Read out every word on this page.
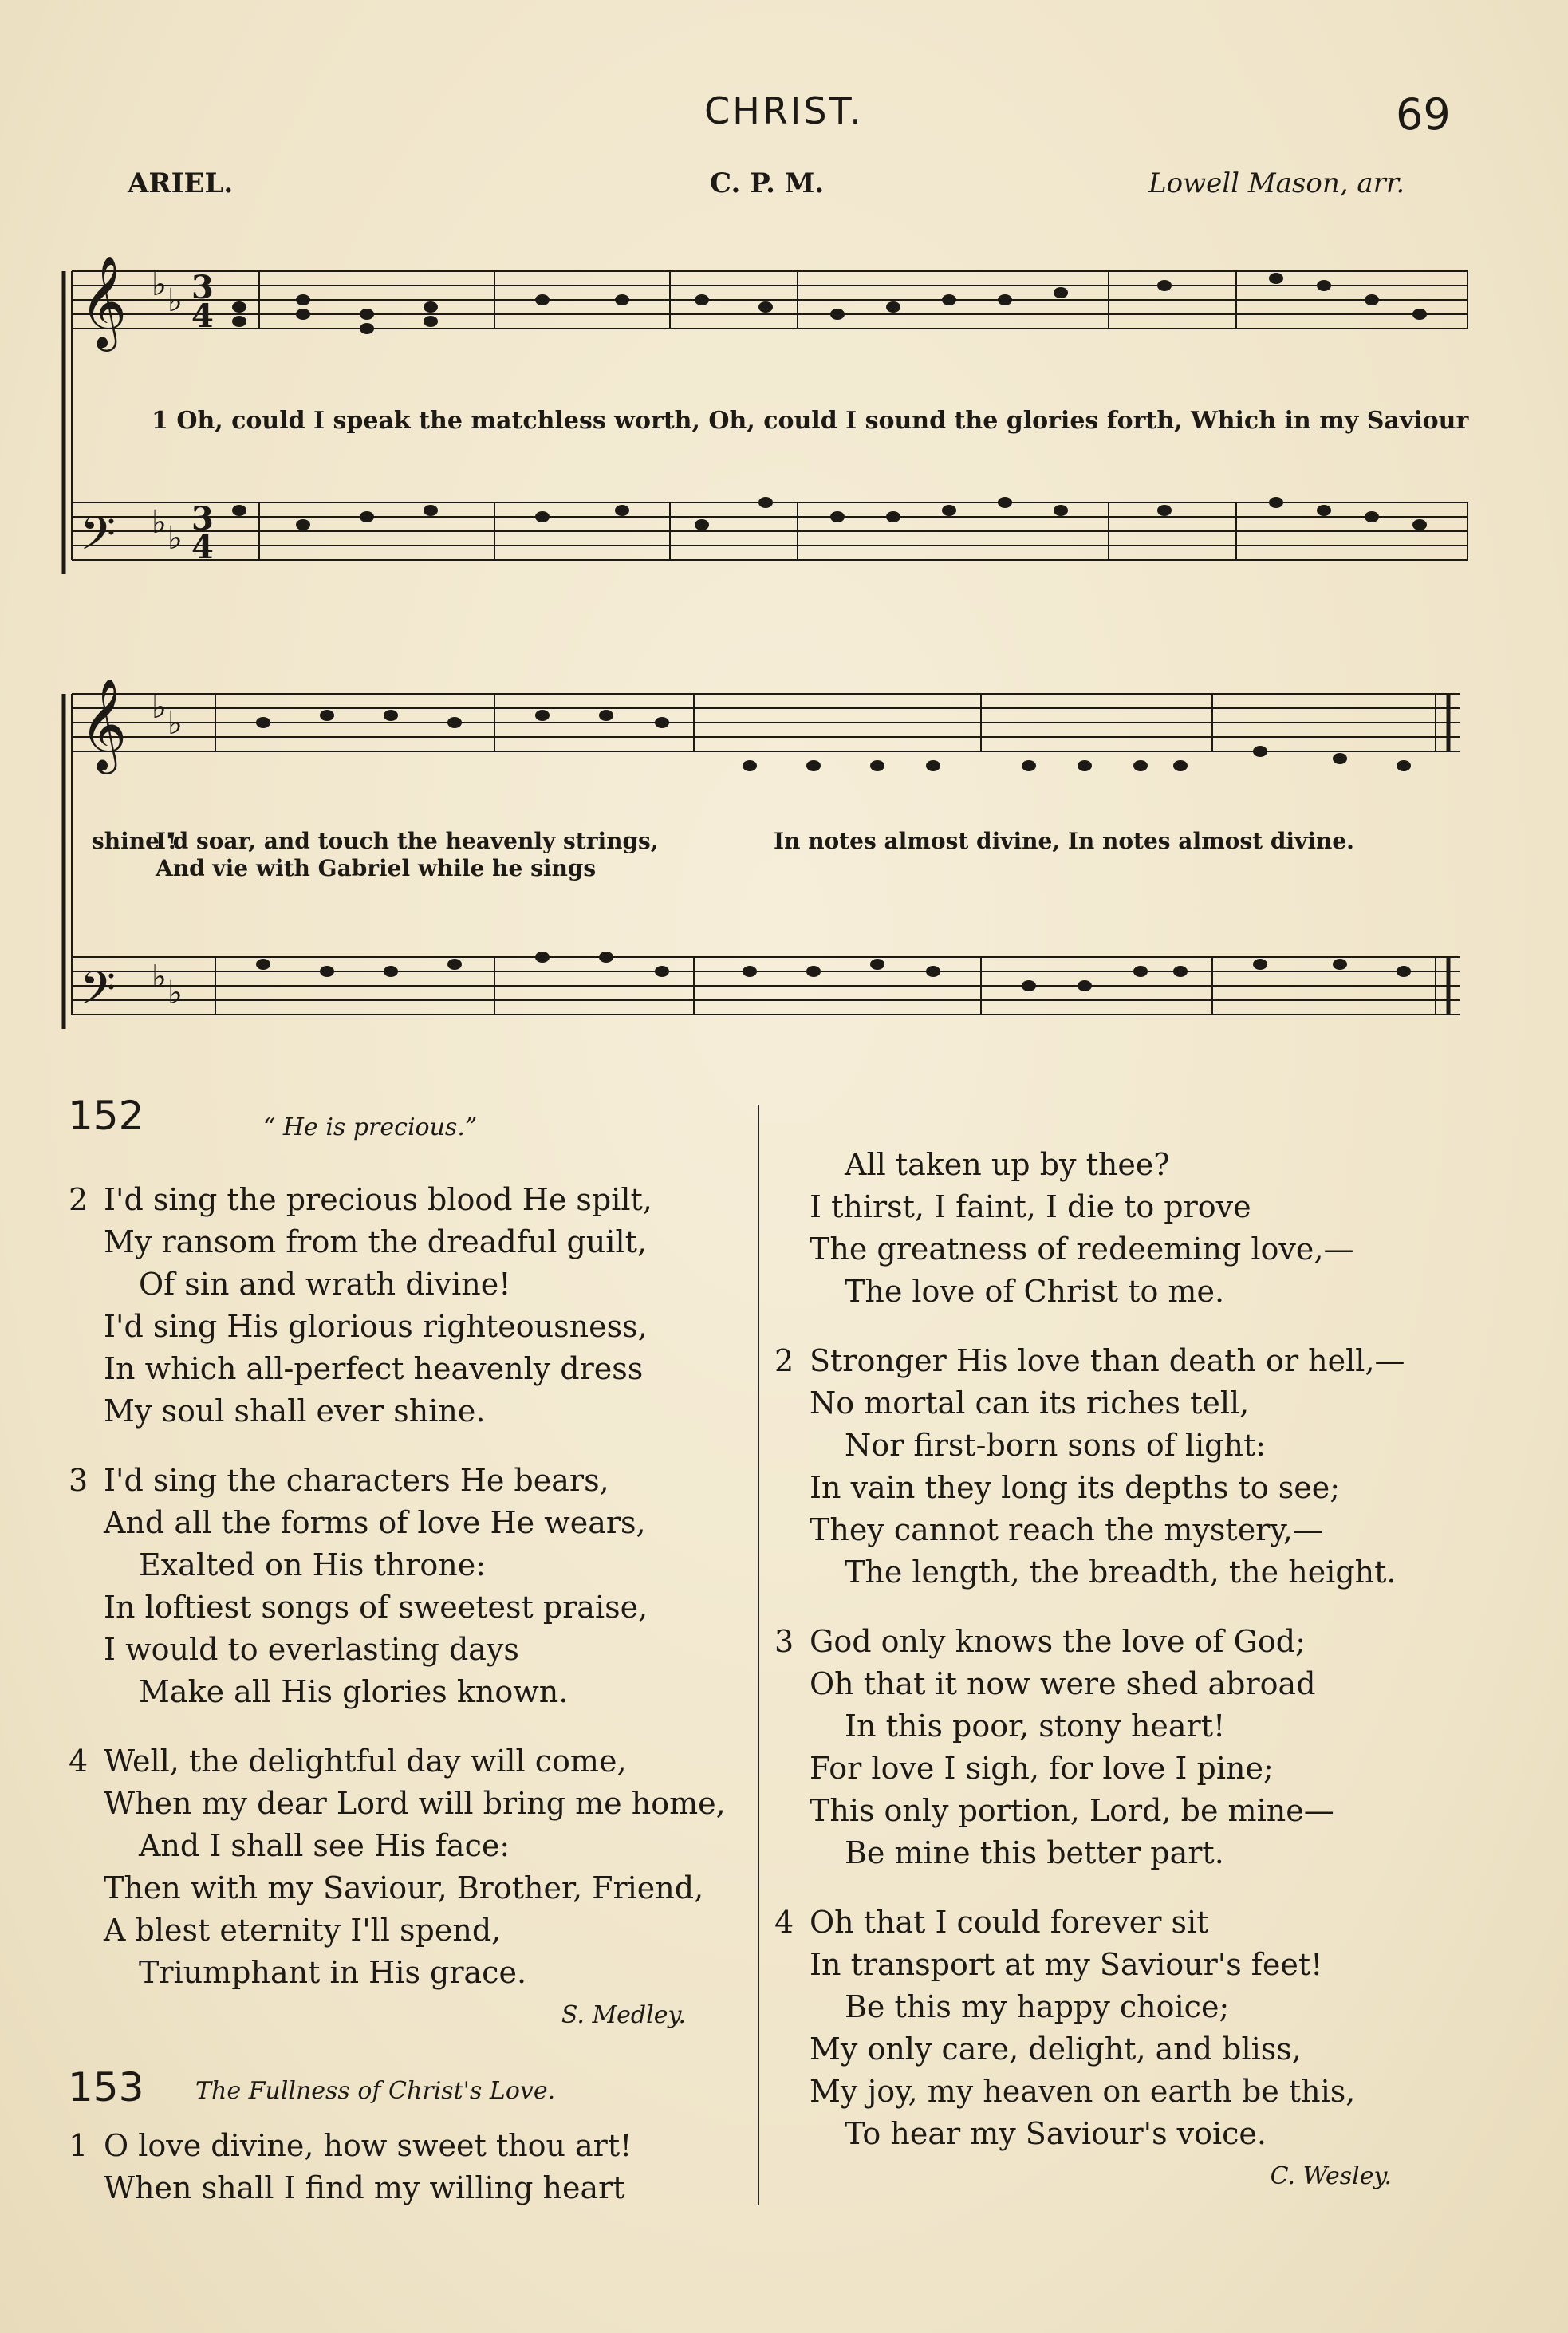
CHRIST.	69
ARIEL.	C. P. M.	Lowell Mason, arr.
𝄞
𝄢
♭ ♭
♭ ♭
3
4
3
4
1 Oh, could I speak the matchless worth, Oh, could I sound the glories forth, Which in my Saviour
𝄞
𝄢
♭ ♭
♭ ♭
shine !
I'd soar, and touch the heavenly strings,
And vie with Gabriel while he sings
In notes almost divine, In notes almost divine.
152	“ He is precious.”
2 I'd sing the precious blood He spilt,
My ransom from the dreadful guilt,
Of sin and wrath divine!
I'd sing His glorious righteousness,
In which all-perfect heavenly dress
My soul shall ever shine.
3 I'd sing the characters He bears,
And all the forms of love He wears,
Exalted on His throne:
In loftiest songs of sweetest praise,
I would to everlasting days
Make all His glories known.
4 Well, the delightful day will come,
When my dear Lord will bring me home,
And I shall see His face:
Then with my Saviour, Brother, Friend,
A blest eternity I'll spend,
Triumphant in His grace.
S. Medley.
153 The Fullness of Christ's Love.
1 O love divine, how sweet thou art!
When shall I find my willing heart
All taken up by thee?
I thirst, I faint, I die to prove
The greatness of redeeming love,—
The love of Christ to me.
2 Stronger His love than death or hell,—
No mortal can its riches tell,
Nor first-born sons of light:
In vain they long its depths to see;
They cannot reach the mystery,—
The length, the breadth, the height.
3 God only knows the love of God;
Oh that it now were shed abroad
In this poor, stony heart!
For love I sigh, for love I pine;
This only portion, Lord, be mine—
Be mine this better part.
4 Oh that I could forever sit
In transport at my Saviour's feet!
Be this my happy choice;
My only care, delight, and bliss,
My joy, my heaven on earth be this,
To hear my Saviour's voice.
C. Wesley.
